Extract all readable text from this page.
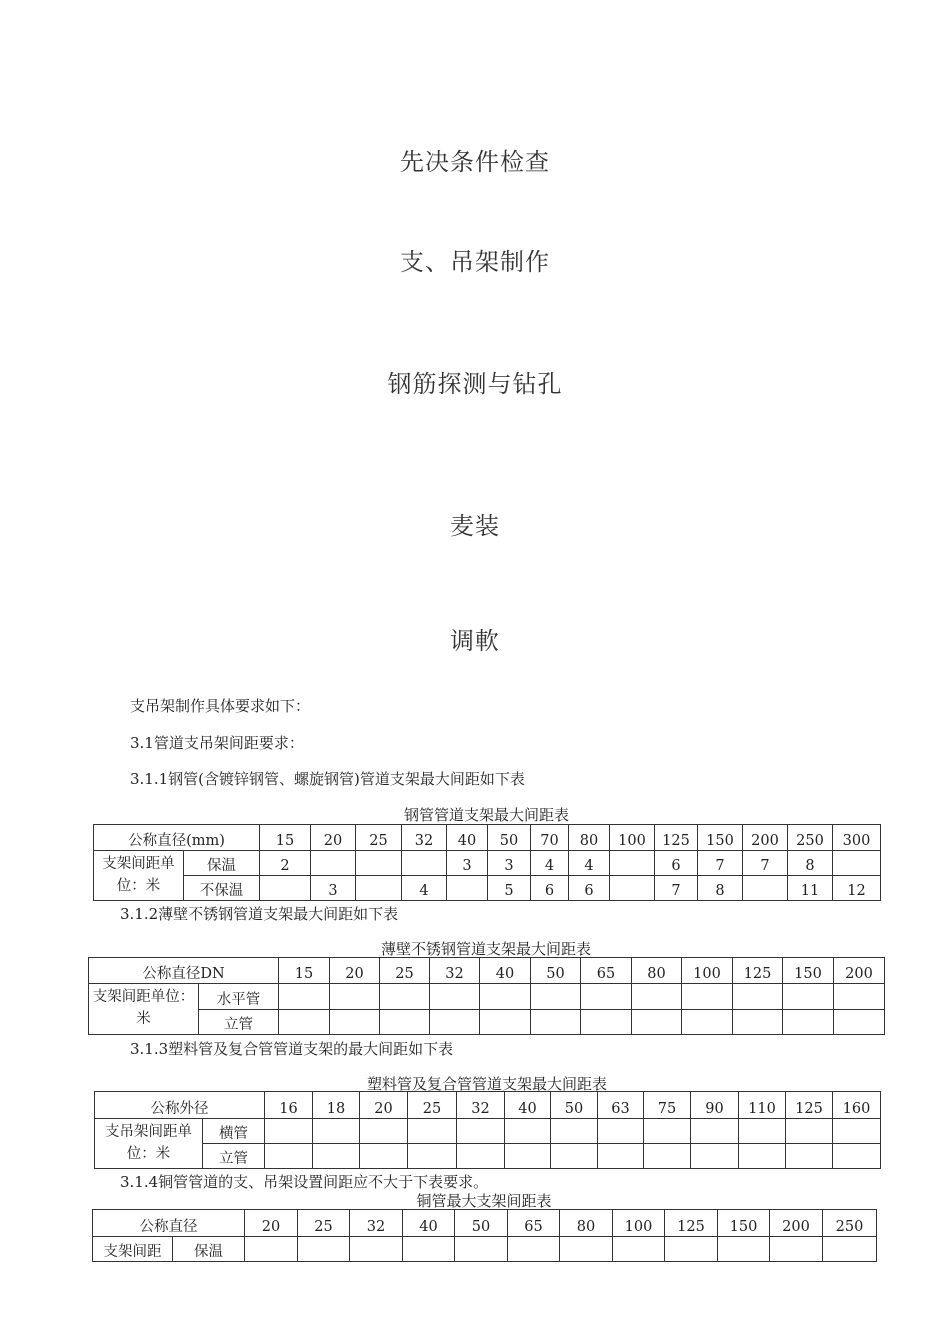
先决条件检查
支、吊架制作
钢筋探测与钻孔
麦装
调軟
支吊架制作具体要求如下：
3.1管道支吊架间距要求：
3.1.1钢管(含镀锌钢管、螺旋钢管)管道支架最大间距如下表
钢管管道支架最大间距表
公称直径(mm)		15	20	25	32	40	50	70	80	100	125	150	200	250	300
支架间距单位：米	保温	2				3	3	4	4		6	7	7	8	
	不保温		3		4		5	6	6		7	8		11	12
3.1.2薄壁不锈钢管道支架最大间距如下表
薄壁不锈钢管道支架最大间距表
公称直径DN		15	20	25	32	40	50	65	80	100	125	150	200
支架间距单位：米	水平管												
	立管												
3.1.3塑料管及复合管管道支架的最大间距如下表
塑料管及复合管管道支架最大间距表
公称外径		16	18	20	25	32	40	50	63	75	90	110	125	160
支吊架间距单位：米	横管													
	立管													
3.1.4铜管管道的支、吊架设置间距应不大于下表要求。
铜管最大支架间距表
公称直径		20	25	32	40	50	65	80	100	125	150	200	250
支架间距	保温												
